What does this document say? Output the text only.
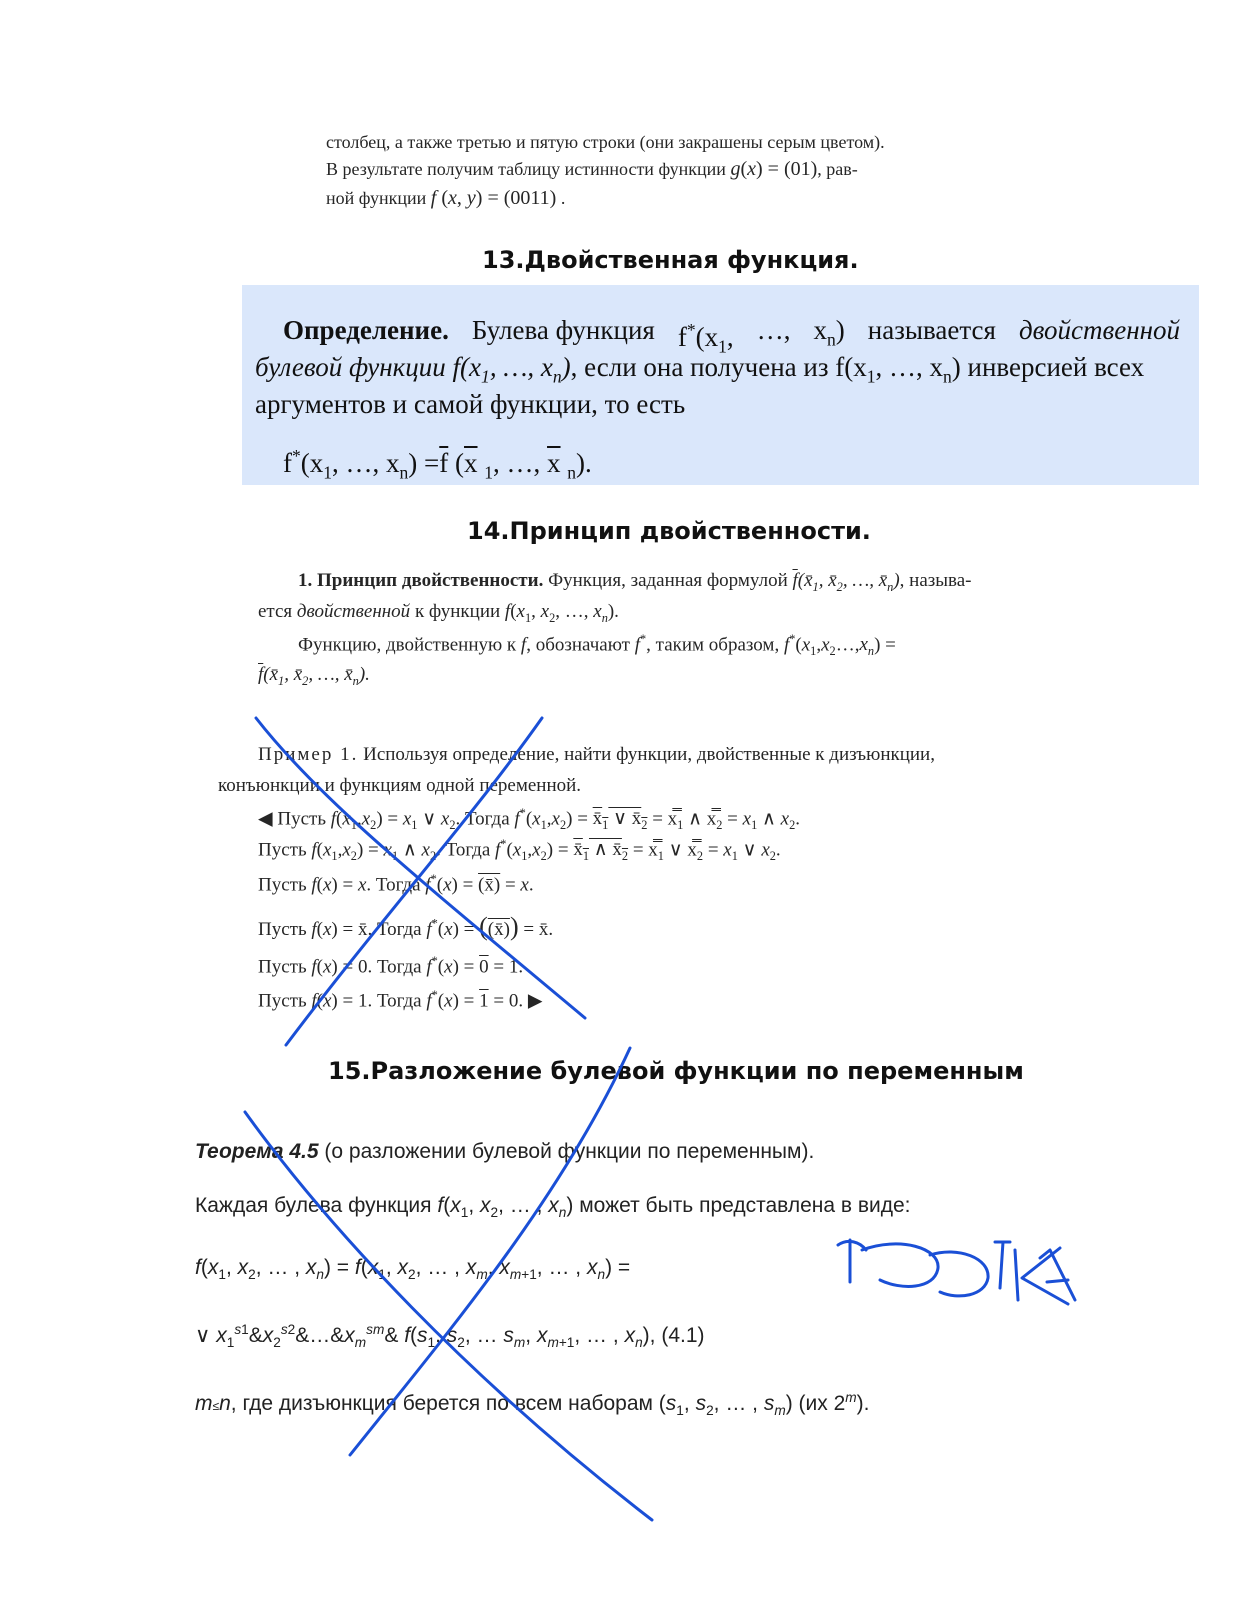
столбец, а также третью и пятую строки (они закрашены серым цветом).
В результате получим таблицу истинности функции g(x) = (01), рав-
ной функции f (x, y) = (0011) .
13.Двойственная функция.
Определение. Булева функция $f^*(x_1$, …, $x_n$) называется двойственной
булевой функции $f(x_1$, …, $x_n$), если она получена из $f(x_1$, …, $x_n$) инверсией всех
аргументов и самой функции, то есть
$f^*(x_1$, …, $x_n) =\overline{f}$ ($\overline{x}$ $_1$, …, $\overline{x}$ $_n$).
14.Принцип двойственности.
1. Принцип двойственности. Функция, заданная формулой $\overline{f}(x̄_1$, $x̄_2$, …, $x̄_n$), называ-
ется двойственной к функции $f(x_1$, $x_2$, …, $x_n$).
Функцию, двойственную к f, обозначают f*, таким образом, $f^*(x_1,x_2\dots,x_n)$ =
$\overline{f}(x̄_1$, $x̄_2$, …, $x̄_n$).
Пример 1. Используя определение, найти функции, двойственные к дизъюнкции,
конъюнкции и функциям одной переменной.
◀ Пусть $f(x_1,x_2) = x_1$ ∨ $x_2$. Тогда $f^*(x_1,x_2)$ = $x̄_1$ ∨ $x̄_2$ = $x̿_1$ ∧ $x̿_2 = x_1$ ∧ $x_2$.
Пусть $f(x_1,x_2) = x_1$ ∧ $x_2$. Тогда $f^*(x_1,x_2)$ = $x̄_1$ ∧ $x̄_2$ = $x̿_1$ ∨ $x̿_2 = x_1$ ∨ $x_2$.
Пусть f(x) = x. Тогда f*(x) = (x̄) = x.
Пусть f(x) = x̄. Тогда f*(x) = ((x̄)) = x̄.
Пусть f(x) = 0. Тогда f*(x) = 0 = 1.
Пусть f(x) = 1. Тогда f*(x) = 1 = 0. ▶
15.Разложение булевой функции по переменным
Теорема 4.5 (о разложении булевой функции по переменным).
Каждая булева функция $f(x_1$, $x_2$, … , $x_n$) может быть представлена в виде:
$f(x_1$, $x_2$, … , $x_n) = f(x_1$, $x_2$, … , $x_m$, $x_{m+1}$, … , $x_n$) =
∨ $x_1^{s1}\&x_2^{s2}\&\dots\&x_m^{sm}\&$ $f(s_1$, $s_2$, … $s_m$, $x_{m+1}$, … , $x_n$), (4.1)
m≤n, где дизъюнкция берется по всем наборам ($s_1$, $s_2$, … , $s_m$) (их 2$^m$).
